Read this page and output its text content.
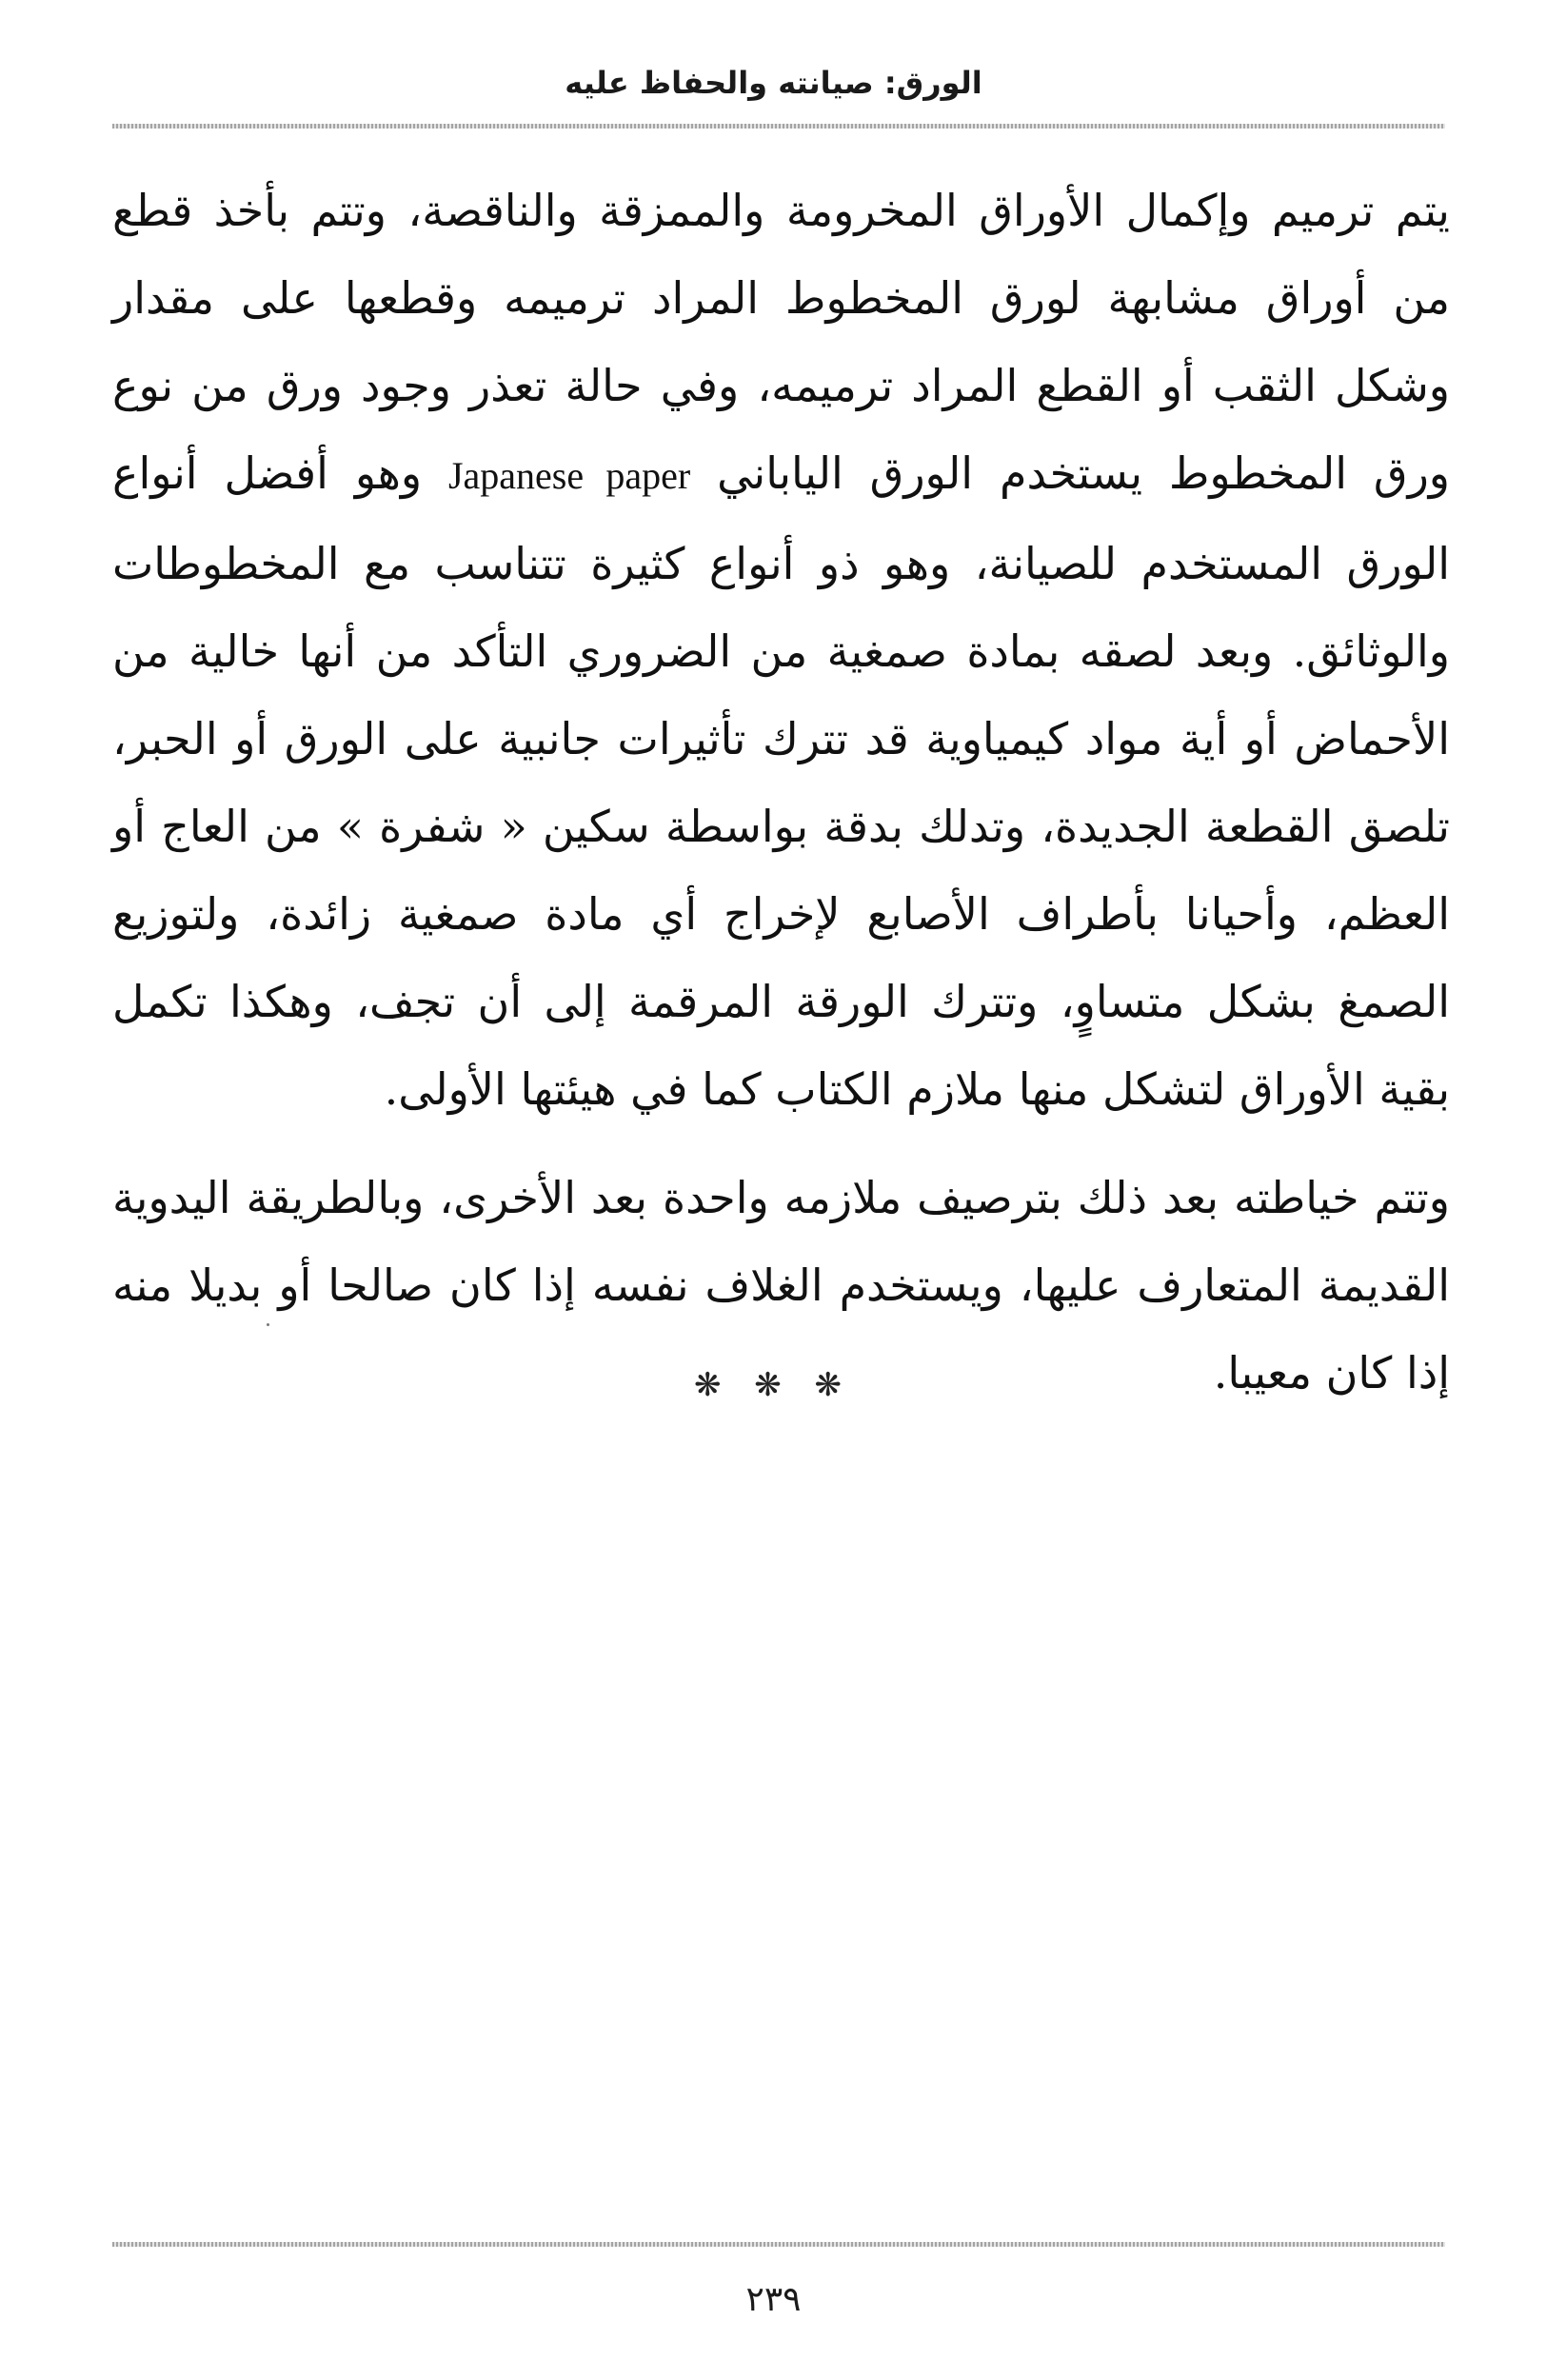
الورق: صيانته والحفاظ عليه

يتم ترميم وإكمال الأوراق المخرومة والممزقة والناقصة، وتتم بأخذ قطع من أوراق مشابهة لورق المخطوط المراد ترميمه وقطعها على مقدار وشكل الثقب أو القطع المراد ترميمه، وفي حالة تعذر وجود ورق من نوع ورق المخطوط يستخدم الورق الياباني Japanese paper وهو أفضل أنواع الورق المستخدم للصيانة، وهو ذو أنواع كثيرة تتناسب مع المخطوطات والوثائق. وبعد لصقه بمادة صمغية من الضروري التأكد من أنها خالية من الأحماض أو أية مواد كيمياوية قد تترك تأثيرات جانبية على الورق أو الحبر، تلصق القطعة الجديدة، وتدلك بدقة بواسطة سكين « شفرة » من العاج أو العظم، وأحيانا بأطراف الأصابع لإخراج أي مادة صمغية زائدة، ولتوزيع الصمغ بشكل متساوٍ، وتترك الورقة المرقمة إلى أن تجف، وهكذا تكمل بقية الأوراق لتشكل منها ملازم الكتاب كما في هيئتها الأولى.

وتتم خياطته بعد ذلك بترصيف ملازمه واحدة بعد الأخرى، وبالطريقة اليدوية القديمة المتعارف عليها، ويستخدم الغلاف نفسه إذا كان صالحا أو بديلا منه إذا كان معيبا.

❋ ❋ ❋
٢٣٩
